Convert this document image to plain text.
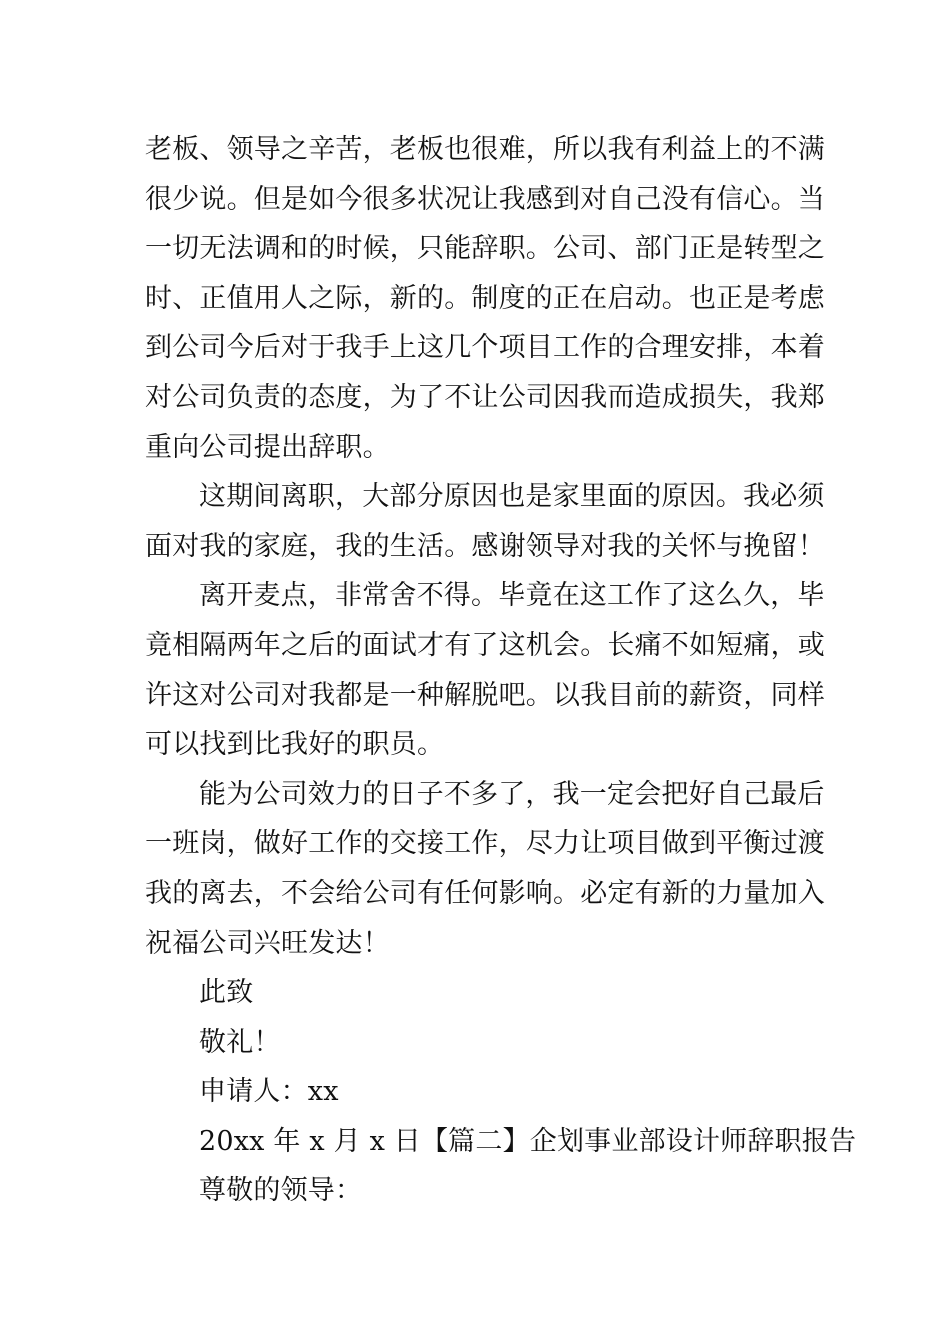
老板、领导之辛苦，老板也很难，所以我有利益上的不满
很少说。但是如今很多状况让我感到对自己没有信心。当
一切无法调和的时候，只能辞职。公司、部门正是转型之
时、正值用人之际，新的。制度的正在启动。也正是考虑
到公司今后对于我手上这几个项目工作的合理安排，本着
对公司负责的态度，为了不让公司因我而造成损失，我郑
重向公司提出辞职。
这期间离职，大部分原因也是家里面的原因。我必须
面对我的家庭，我的生活。感谢领导对我的关怀与挽留！
离开麦点，非常舍不得。毕竟在这工作了这么久，毕
竟相隔两年之后的面试才有了这机会。长痛不如短痛，或
许这对公司对我都是一种解脱吧。以我目前的薪资，同样
可以找到比我好的职员。
能为公司效力的日子不多了，我一定会把好自己最后
一班岗，做好工作的交接工作，尽力让项目做到平衡过渡
我的离去，不会给公司有任何影响。必定有新的力量加入
祝福公司兴旺发达！
此致
敬礼！
申请人：xx
20xx 年 x 月 x 日【篇二】企划事业部设计师辞职报告
尊敬的领导：
